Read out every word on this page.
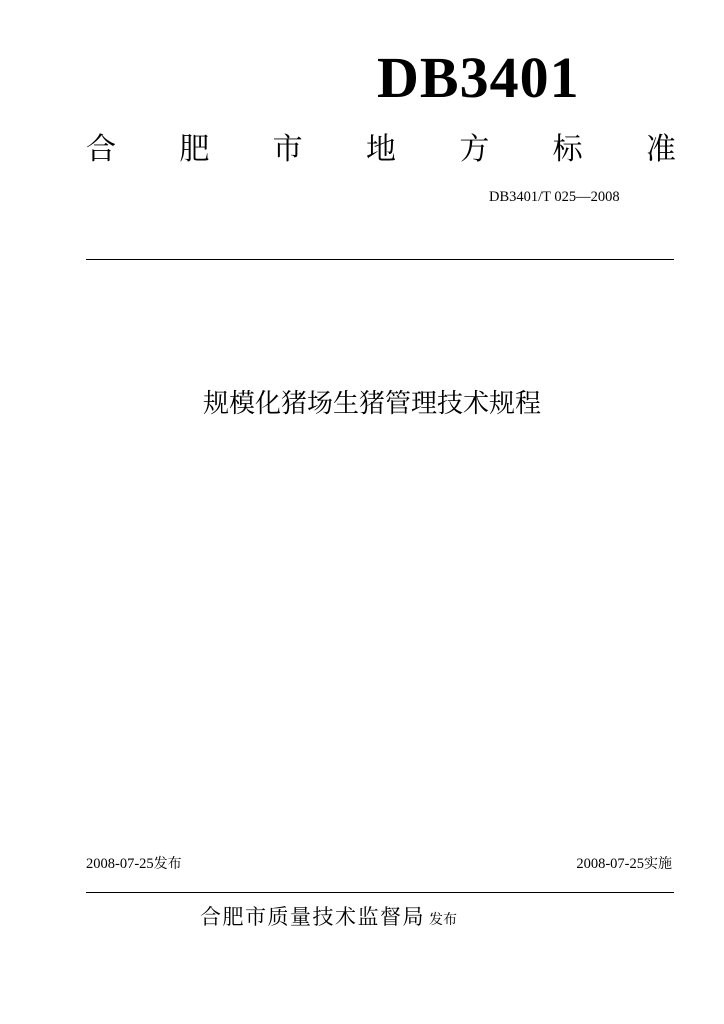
DB3401
合 肥 市 地 方 标 准
DB3401/T 025—2008
规模化猪场生猪管理技术规程
2008-07-25发布	2008-07-25实施
合肥市质量技术监督局 发布
